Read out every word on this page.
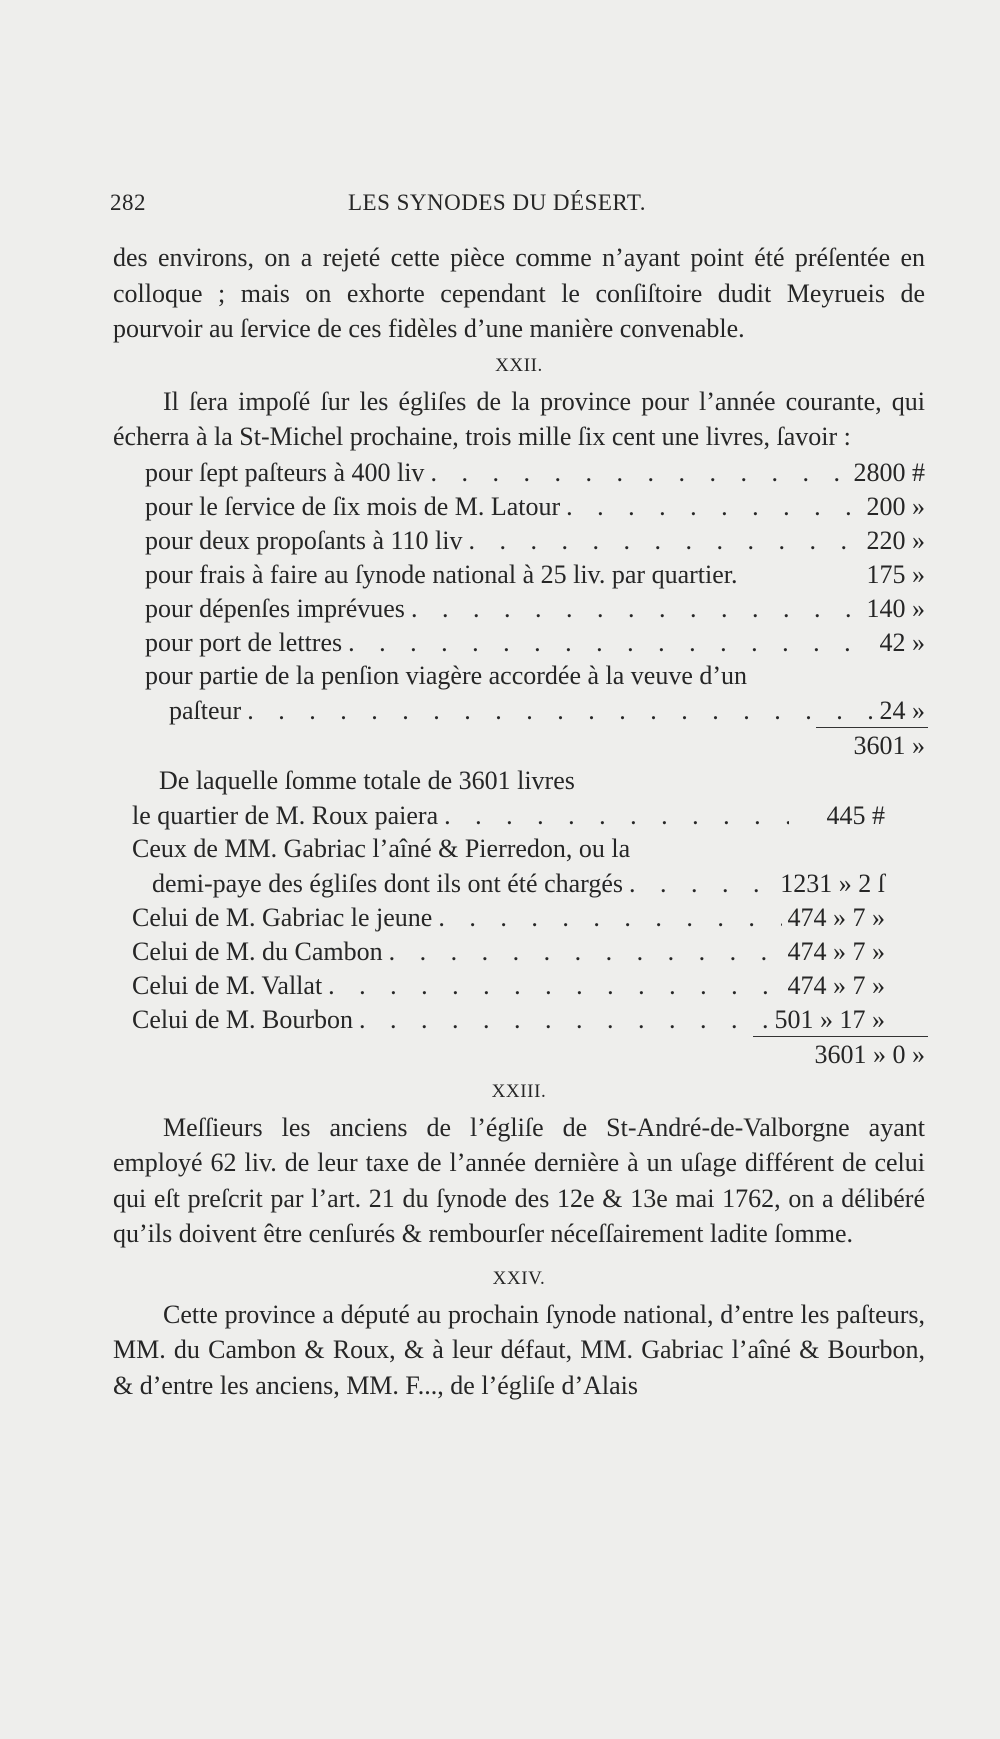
282	LES SYNODES DU DÉSERT.

des environs, on a rejeté cette pièce comme n’ayant point été préſentée en colloque ; mais on exhorte cependant le conſiſtoire dudit Meyrueis de pourvoir au ſervice de ces fidèles d’une manière convenable.

XXII.

Il ſera impoſé ſur les égliſes de la province pour l’année courante, qui écherra à la St-Michel prochaine, trois mille ſix cent une livres, ſavoir :

pour ſept paſteurs à 400 liv . . .	2800 #
pour le ſervice de ſix mois de M. Latour . . .	200 »
pour deux propoſants à 110 liv . . .	220 »
pour frais à faire au ſynode national à 25 liv. par quartier.	175 »
pour dépenſes imprévues . . .	140 »
pour port de lettres . . .	42 »
pour partie de la penſion viagère accordée à la veuve d’un
paſteur . . .	24 »
3601 »
De laquelle ſomme totale de 3601 livres
le quartier de M. Roux paiera . . .	445 #
Ceux de MM. Gabriac l’aîné & Pierredon, ou la
demi-paye des égliſes dont ils ont été chargés . . .	1231 » 2 ſ
Celui de M. Gabriac le jeune . . .	474 » 7 »
Celui de M. du Cambon . . .	474 » 7 »
Celui de M. Vallat . . .	474 » 7 »
Celui de M. Bourbon . . .	501 » 17 »
3601 » 0 »
XXIII.

Meſſieurs les anciens de l’égliſe de St-André-de-Valborgne ayant employé 62 liv. de leur taxe de l’année dernière à un uſage différent de celui qui eſt preſcrit par l’art. 21 du ſynode des 12e & 13e mai 1762, on a délibéré qu’ils doivent être cenſurés & rembourſer néceſſairement ladite ſomme.

XXIV.

Cette province a député au prochain ſynode national, d’entre les paſteurs, MM. du Cambon & Roux, & à leur défaut, MM. Gabriac l’aîné & Bourbon, & d’entre les anciens, MM. F..., de l’égliſe d’Alais
